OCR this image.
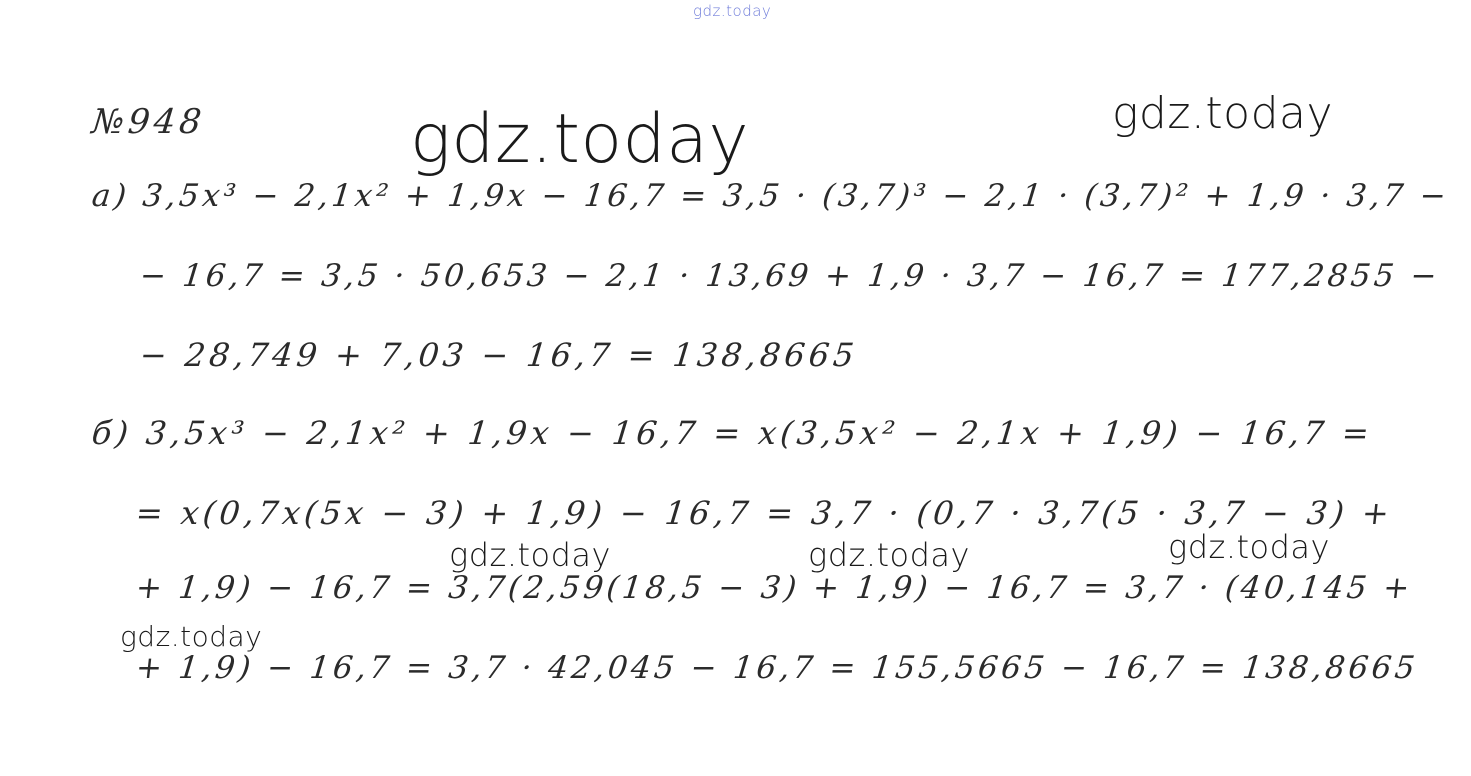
gdz.today
gdz.today	gdz.today
gdz.today	gdz.today	gdz.today
gdz.today
№948
а) 3,5x³ − 2,1x² + 1,9x − 16,7 = 3,5 · (3,7)³ − 2,1 · (3,7)² + 1,9 · 3,7 −
− 16,7 = 3,5 · 50,653 − 2,1 · 13,69 + 1,9 · 3,7 − 16,7 = 177,2855 −
− 28,749 + 7,03 − 16,7 = 138,8665
б) 3,5x³ − 2,1x² + 1,9x − 16,7 = x(3,5x² − 2,1x + 1,9) − 16,7 =
= x(0,7x(5x − 3) + 1,9) − 16,7 = 3,7 · (0,7 · 3,7(5 · 3,7 − 3) +
+ 1,9) − 16,7 = 3,7(2,59(18,5 − 3) + 1,9) − 16,7 = 3,7 · (40,145 +
+ 1,9) − 16,7 = 3,7 · 42,045 − 16,7 = 155,5665 − 16,7 = 138,8665
